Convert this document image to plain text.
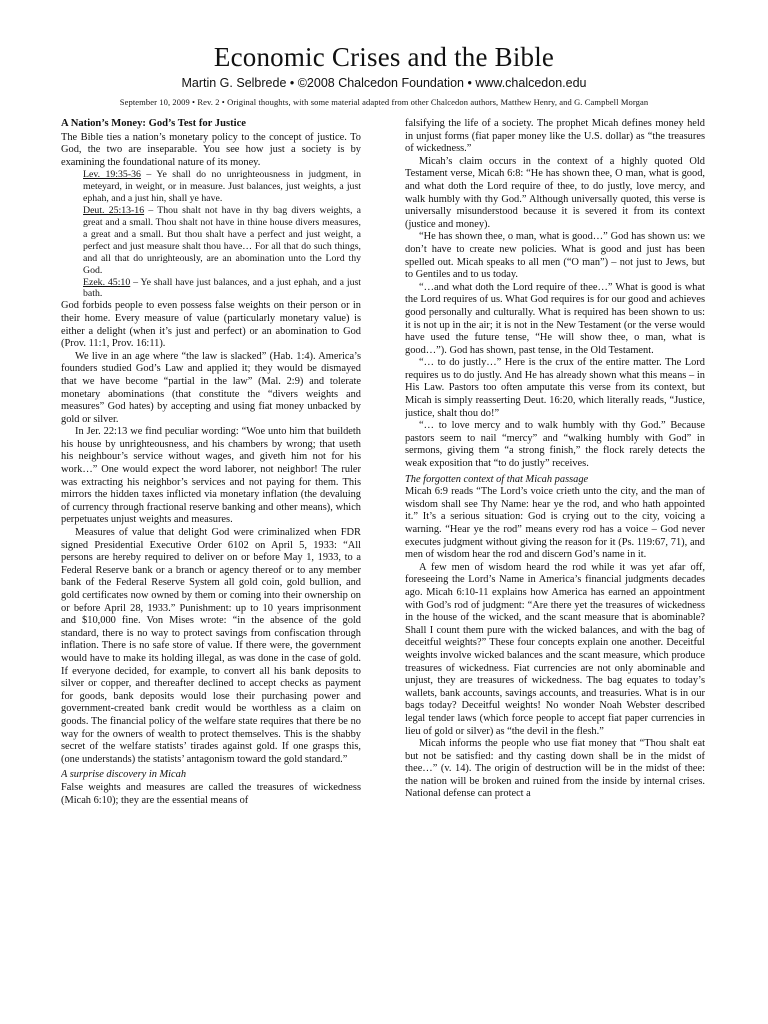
Economic Crises and the Bible
Martin G. Selbrede • ©2008 Chalcedon Foundation • www.chalcedon.edu
September 10, 2009 • Rev. 2 • Original thoughts, with some material adapted from other Chalcedon authors, Matthew Henry, and G. Campbell Morgan
A Nation’s Money: God’s Test for Justice

The Bible ties a nation’s monetary policy to the concept of justice. To God, the two are inseparable. You see how just a society is by examining the foundational nature of its money.

Lev. 19:35-36 – Ye shall do no unrighteousness in judgment, in meteyard, in weight, or in measure. Just balances, just weights, a just ephah, and a just hin, shall ye have.
Deut. 25:13-16 – Thou shalt not have in thy bag divers weights, a great and a small. Thou shalt not have in thine house divers measures, a great and a small. But thou shalt have a perfect and just weight, a perfect and just measure shalt thou have… For all that do such things, and all that do unrighteously, are an abomination unto the Lord thy God.
Ezek. 45:10 – Ye shall have just balances, and a just ephah, and a just bath.

God forbids people to even possess false weights on their person or in their home. Every measure of value (particularly monetary value) is either a delight (when it’s just and perfect) or an abomination to God (Prov. 11:1, Prov. 16:11).

We live in an age where “the law is slacked” (Hab. 1:4). America’s founders studied God’s Law and applied it; they would be dismayed that we have become “partial in the law” (Mal. 2:9) and tolerate monetary abominations (that constitute the “divers weights and measures” God hates) by accepting and using fiat money unbacked by gold or silver.

In Jer. 22:13 we find peculiar wording: “Woe unto him that buildeth his house by unrighteousness, and his chambers by wrong; that useth his neighbour’s service without wages, and giveth him not for his work…” One would expect the word laborer, not neighbor! The ruler was extracting his neighbor’s services and not paying for them. This mirrors the hidden taxes inflicted via monetary inflation (the devaluing of currency through fractional reserve banking and other means), which perpetuates unjust weights and measures.

Measures of value that delight God were criminalized when FDR signed Presidential Executive Order 6102 on April 5, 1933: “All persons are hereby required to deliver on or before May 1, 1933, to a Federal Reserve bank or a branch or agency thereof or to any member bank of the Federal Reserve System all gold coin, gold bullion, and gold certificates now owned by them or coming into their ownership on or before April 28, 1933.” Punishment: up to 10 years imprisonment and $10,000 fine. Von Mises wrote: “in the absence of the gold standard, there is no way to protect savings from confiscation through inflation. There is no safe store of value. If there were, the government would have to make its holding illegal, as was done in the case of gold. If everyone decided, for example, to convert all his bank deposits to silver or copper, and thereafter declined to accept checks as payment for goods, bank deposits would lose their purchasing power and government-created bank credit would be worthless as a claim on goods. The financial policy of the welfare state requires that there be no way for the owners of wealth to protect themselves. This is the shabby secret of the welfare statists’ tirades against gold. If one grasps this, (one understands) the statists’ antagonism toward the gold standard.”

A surprise discovery in Micah

False weights and measures are called the treasures of wickedness (Micah 6:10); they are the essential means of

falsifying the life of a society. The prophet Micah defines money held in unjust forms (fiat paper money like the U.S. dollar) as “the treasures of wickedness.”

Micah’s claim occurs in the context of a highly quoted Old Testament verse, Micah 6:8: “He has shown thee, O man, what is good, and what doth the Lord require of thee, to do justly, love mercy, and walk humbly with thy God.” Although universally quoted, this verse is universally misunderstood because it is severed it from its context (justice and money).

“He has shown thee, o man, what is good…” God has shown us: we don’t have to create new policies. What is good and just has been spelled out. Micah speaks to all men (“O man”) – not just to Jews, but to Gentiles and to us today.

“…and what doth the Lord require of thee…” What is good is what the Lord requires of us. What God requires is for our good and achieves good personally and culturally. What is required has been shown to us: it is not up in the air; it is not in the New Testament (or the verse would have used the future tense, “He will show thee, o man, what is good…”). God has shown, past tense, in the Old Testament.

“… to do justly…” Here is the crux of the entire matter. The Lord requires us to do justly. And He has already shown what this means – in His Law. Pastors too often amputate this verse from its context, but Micah is simply reasserting Deut. 16:20, which literally reads, “Justice, justice, shalt thou do!”

“… to love mercy and to walk humbly with thy God.” Because pastors seem to nail “mercy” and “walking humbly with God” in sermons, giving them “a strong finish,” the flock rarely detects the weak exposition that “to do justly” receives.

The forgotten context of that Micah passage

Micah 6:9 reads “The Lord’s voice crieth unto the city, and the man of wisdom shall see Thy Name: hear ye the rod, and who hath appointed it.” It’s a serious situation: God is crying out to the city, voicing a warning. “Hear ye the rod” means every rod has a voice – God never executes judgment without giving the reason for it (Ps. 119:67, 71), and men of wisdom hear the rod and discern God’s name in it.

A few men of wisdom heard the rod while it was yet afar off, foreseeing the Lord’s Name in America’s financial judgments decades ago. Micah 6:10-11 explains how America has earned an appointment with God’s rod of judgment: “Are there yet the treasures of wickedness in the house of the wicked, and the scant measure that is abominable? Shall I count them pure with the wicked balances, and with the bag of deceitful weights?” These four concepts explain one another. Deceitful weights involve wicked balances and the scant measure, which produce treasures of wickedness. Fiat currencies are not only abominable and unjust, they are treasures of wickedness. The bag equates to today’s wallets, bank accounts, savings accounts, and treasuries. What is in our bags today? Deceitful weights! No wonder Noah Webster described legal tender laws (which force people to accept fiat paper currencies in lieu of gold or silver) as “the devil in the flesh.”

Micah informs the people who use fiat money that “Thou shalt eat but not be satisfied: and thy casting down shall be in the midst of thee…” (v. 14). The origin of destruction will be in the midst of thee: the nation will be broken and ruined from the inside by internal crises. National defense can protect a
